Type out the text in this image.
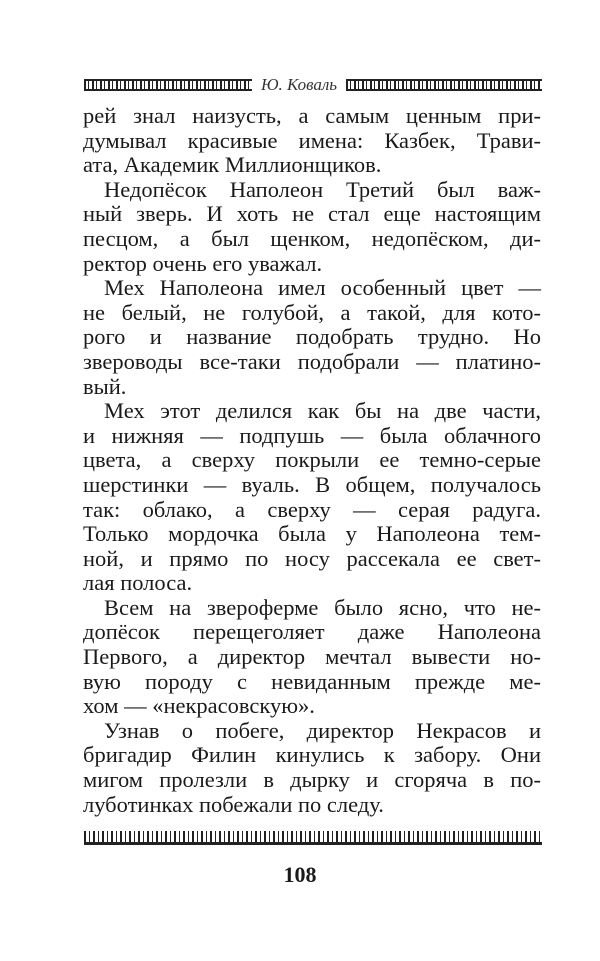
Ю. Коваль
рей знал наизусть, а самым ценным при-
думывал красивые имена: Казбек, Трави-
ата, Академик Миллионщиков.
Недопёсок Наполеон Третий был важ-
ный зверь. И хоть не стал еще настоящим
песцом, а был щенком, недопёском, ди-
ректор очень его уважал.
Мех Наполеона имел особенный цвет —
не белый, не голубой, а такой, для кото-
рого и название подобрать трудно. Но
звероводы все-таки подобрали — платино-
вый.
Мех этот делился как бы на две части,
и нижняя — подпушь — была облачного
цвета, а сверху покрыли ее темно-серые
шерстинки — вуаль. В общем, получалось
так: облако, а сверху — серая радуга.
Только мордочка была у Наполеона тем-
ной, и прямо по носу рассекала ее свет-
лая полоса.
Всем на звероферме было ясно, что не-
допёсок перещеголяет даже Наполеона
Первого, а директор мечтал вывести но-
вую породу с невиданным прежде ме-
хом — «некрасовскую».
Узнав о побеге, директор Некрасов и
бригадир Филин кинулись к забору. Они
мигом пролезли в дырку и сгоряча в по-
луботинках побежали по следу.
108
